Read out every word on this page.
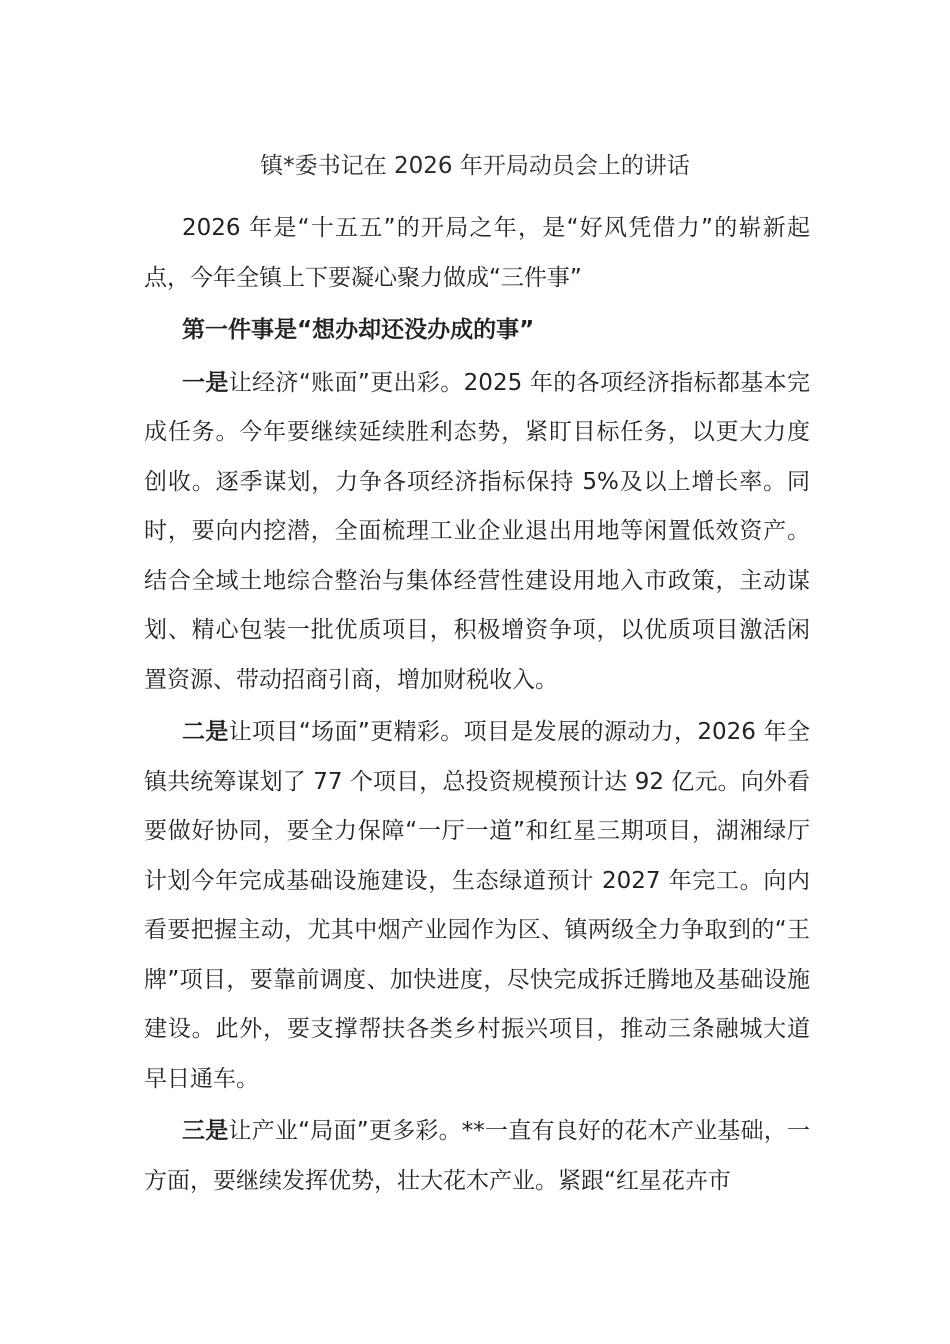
镇*委书记在 2026 年开局动员会上的讲话

2026 年是“十五五”的开局之年，是“好风凭借力”的崭新起点，今年全镇上下要凝心聚力做成“三件事”

第一件事是“想办却还没办成的事”

一是让经济“账面”更出彩。2025 年的各项经济指标都基本完成任务。今年要继续延续胜利态势，紧盯目标任务，以更大力度创收。逐季谋划，力争各项经济指标保持 5%及以上增长率。同时，要向内挖潜，全面梳理工业企业退出用地等闲置低效资产。结合全域土地综合整治与集体经营性建设用地入市政策，主动谋划、精心包装一批优质项目，积极增资争项，以优质项目激活闲置资源、带动招商引商，增加财税收入。

二是让项目“场面”更精彩。项目是发展的源动力，2026 年全镇共统筹谋划了 77 个项目，总投资规模预计达 92 亿元。向外看要做好协同，要全力保障“一厅一道”和红星三期项目，湖湘绿厅计划今年完成基础设施建设，生态绿道预计 2027 年完工。向内看要把握主动，尤其中烟产业园作为区、镇两级全力争取到的“王牌”项目，要靠前调度、加快进度，尽快完成拆迁腾地及基础设施建设。此外，要支撑帮扶各类乡村振兴项目，推动三条融城大道早日通车。

三是让产业“局面”更多彩。**一直有良好的花木产业基础，一方面，要继续发挥优势，壮大花木产业。紧跟“红星花卉市
